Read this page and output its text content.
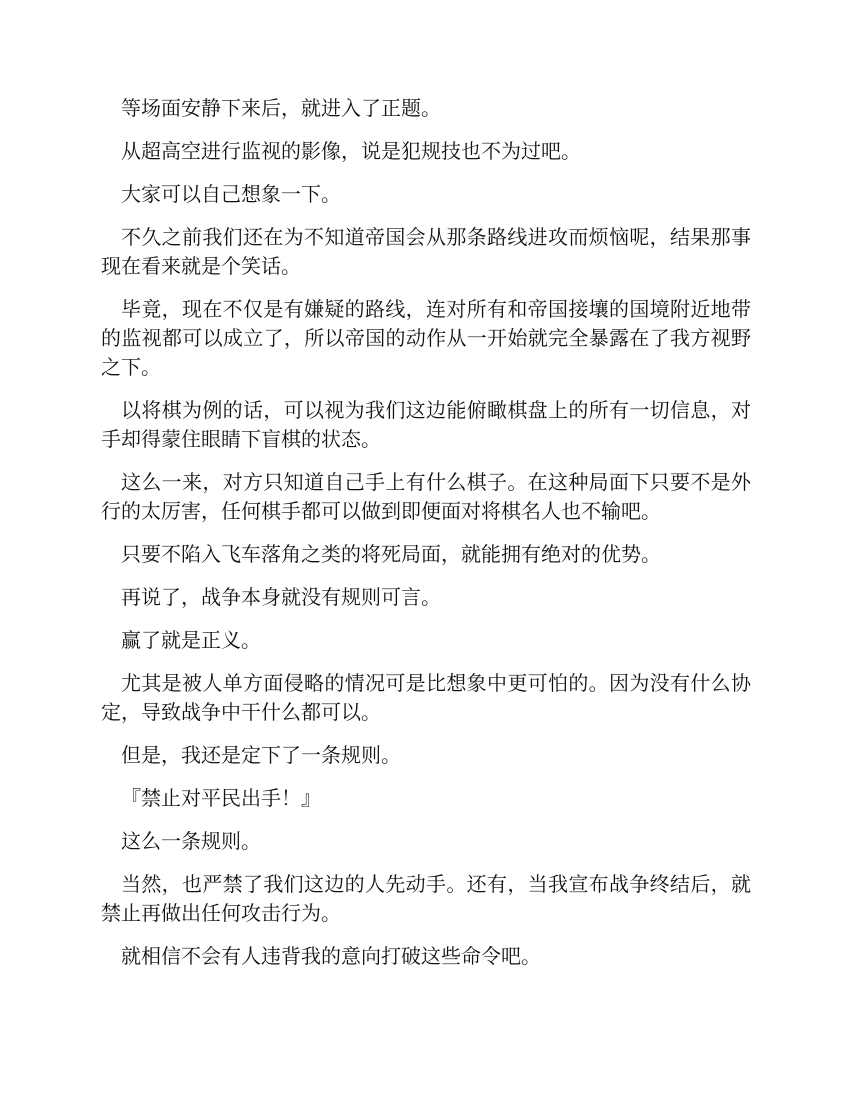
等场面安静下来后，就进入了正题。

从超高空进行监视的影像，说是犯规技也不为过吧。

大家可以自己想象一下。

不久之前我们还在为不知道帝国会从那条路线进攻而烦恼呢，结果那事现在看来就是个笑话。

毕竟，现在不仅是有嫌疑的路线，连对所有和帝国接壤的国境附近地带的监视都可以成立了，所以帝国的动作从一开始就完全暴露在了我方视野之下。

以将棋为例的话，可以视为我们这边能俯瞰棋盘上的所有一切信息，对手却得蒙住眼睛下盲棋的状态。

这么一来，对方只知道自己手上有什么棋子。在这种局面下只要不是外行的太厉害，任何棋手都可以做到即便面对将棋名人也不输吧。

只要不陷入飞车落角之类的将死局面，就能拥有绝对的优势。

再说了，战争本身就没有规则可言。

赢了就是正义。

尤其是被人单方面侵略的情况可是比想象中更可怕的。因为没有什么协定，导致战争中干什么都可以。

但是，我还是定下了一条规则。

『禁止对平民出手！』

这么一条规则。

当然，也严禁了我们这边的人先动手。还有，当我宣布战争终结后，就禁止再做出任何攻击行为。

就相信不会有人违背我的意向打破这些命令吧。
